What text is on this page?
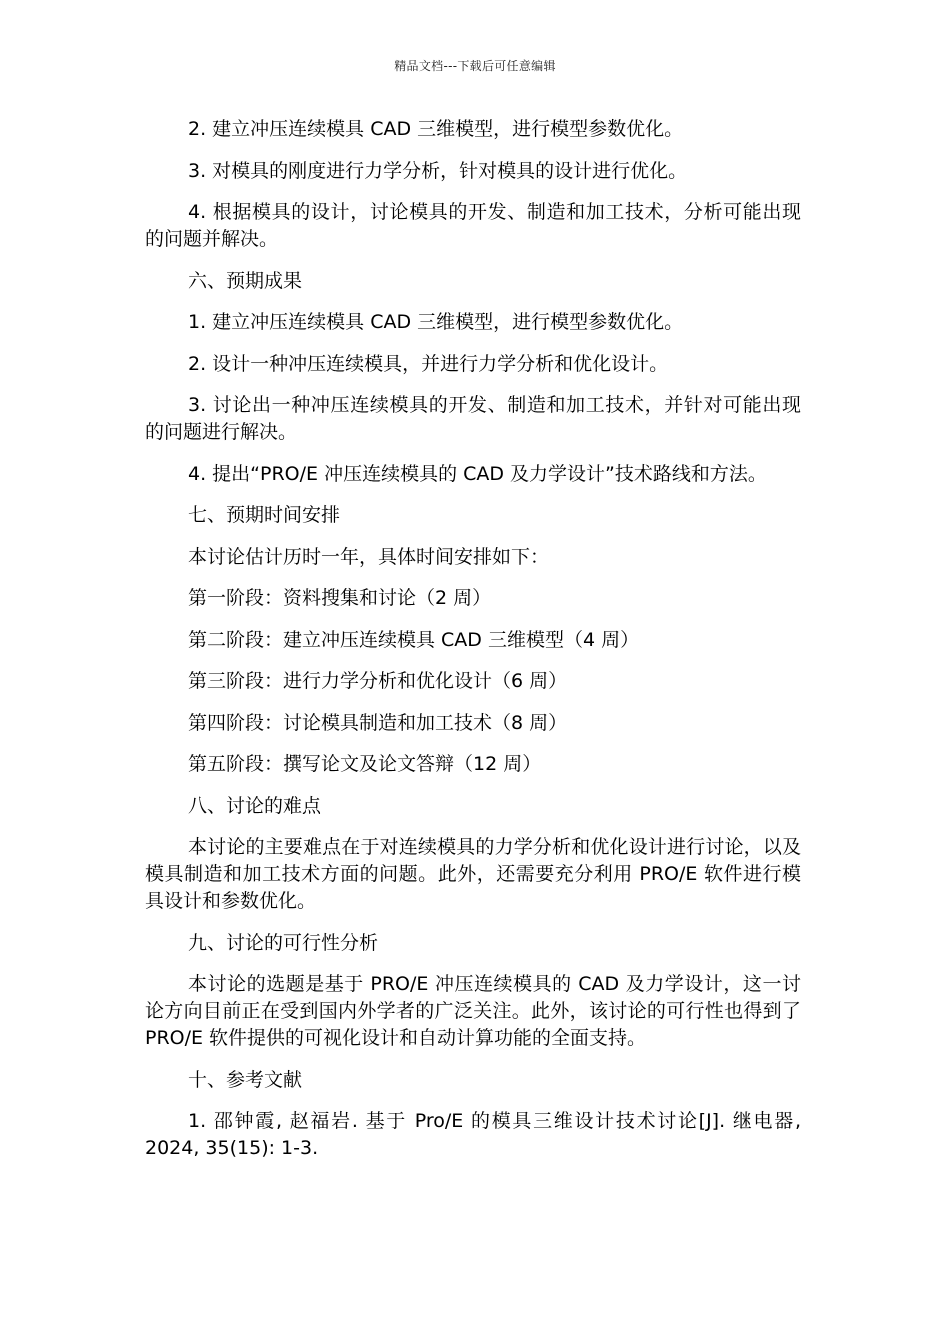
精品文档---下载后可任意编辑

2. 建立冲压连续模具 CAD 三维模型，进行模型参数优化。

3. 对模具的刚度进行力学分析，针对模具的设计进行优化。

4. 根据模具的设计，讨论模具的开发、制造和加工技术，分析可能出现的问题并解决。

六、预期成果

1. 建立冲压连续模具 CAD 三维模型，进行模型参数优化。

2. 设计一种冲压连续模具，并进行力学分析和优化设计。

3. 讨论出一种冲压连续模具的开发、制造和加工技术，并针对可能出现的问题进行解决。

4. 提出“PRO/E 冲压连续模具的 CAD 及力学设计”技术路线和方法。

七、预期时间安排

本讨论估计历时一年，具体时间安排如下：

第一阶段：资料搜集和讨论（2 周）

第二阶段：建立冲压连续模具 CAD 三维模型（4 周）

第三阶段：进行力学分析和优化设计（6 周）

第四阶段：讨论模具制造和加工技术（8 周）

第五阶段：撰写论文及论文答辩（12 周）

八、讨论的难点

本讨论的主要难点在于对连续模具的力学分析和优化设计进行讨论，以及模具制造和加工技术方面的问题。此外，还需要充分利用 PRO/E 软件进行模具设计和参数优化。

九、讨论的可行性分析

本讨论的选题是基于 PRO/E 冲压连续模具的 CAD 及力学设计，这一讨论方向目前正在受到国内外学者的广泛关注。此外，该讨论的可行性也得到了 PRO/E 软件提供的可视化设计和自动计算功能的全面支持。

十、参考文献

1. 邵钟霞, 赵福岩. 基于 Pro/E 的模具三维设计技术讨论[J]. 继电器, 2024, 35(15): 1-3.
